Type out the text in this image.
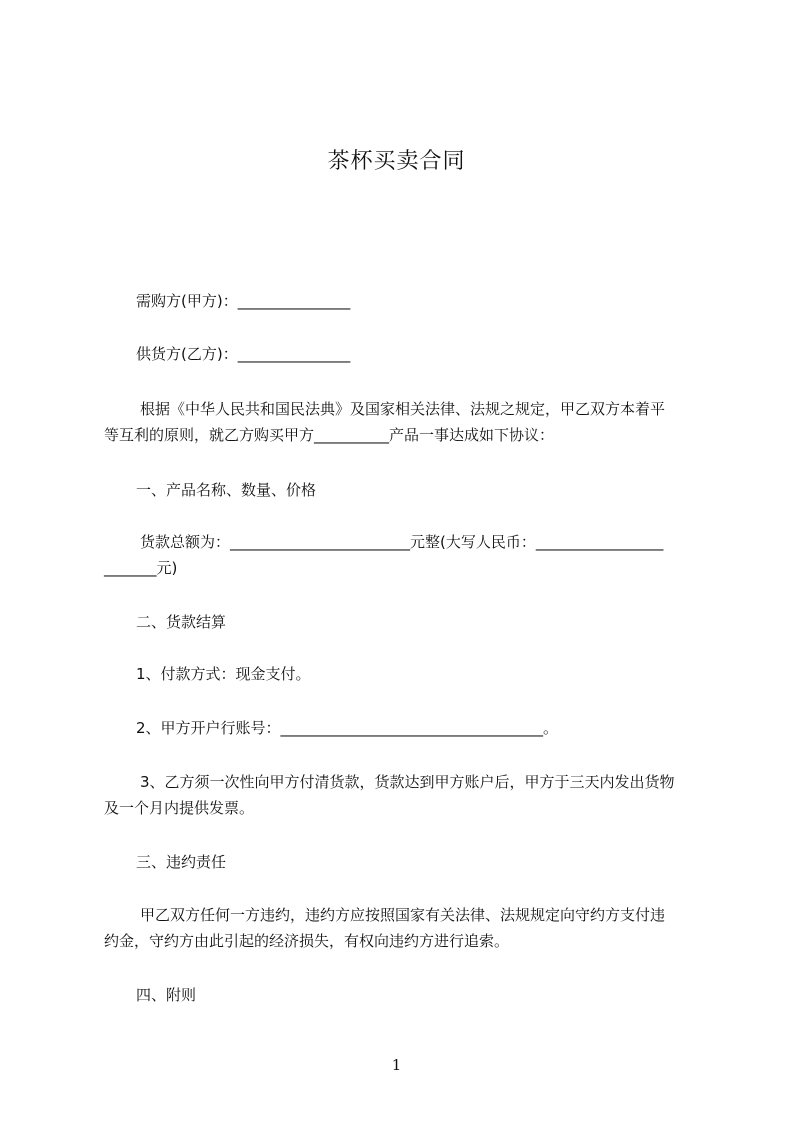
茶杯买卖合同
需购方(甲方)：_______________
供货方(乙方)：_______________
根据《中华人民共和国民法典》及国家相关法律、法规之规定，甲乙双方本着平
等互利的原则，就乙方购买甲方__________产品一事达成如下协议：
一、产品名称、数量、价格
货款总额为：________________________元整(大写人民币：_________________
_______元)
二、货款结算
1、付款方式：现金支付。
2、甲方开户行账号：___________________________________。
3、乙方须一次性向甲方付清货款，货款达到甲方账户后，甲方于三天内发出货物
及一个月内提供发票。
三、违约责任
甲乙双方任何一方违约，违约方应按照国家有关法律、法规规定向守约方支付违
约金，守约方由此引起的经济损失，有权向违约方进行追索。
四、附则
1
